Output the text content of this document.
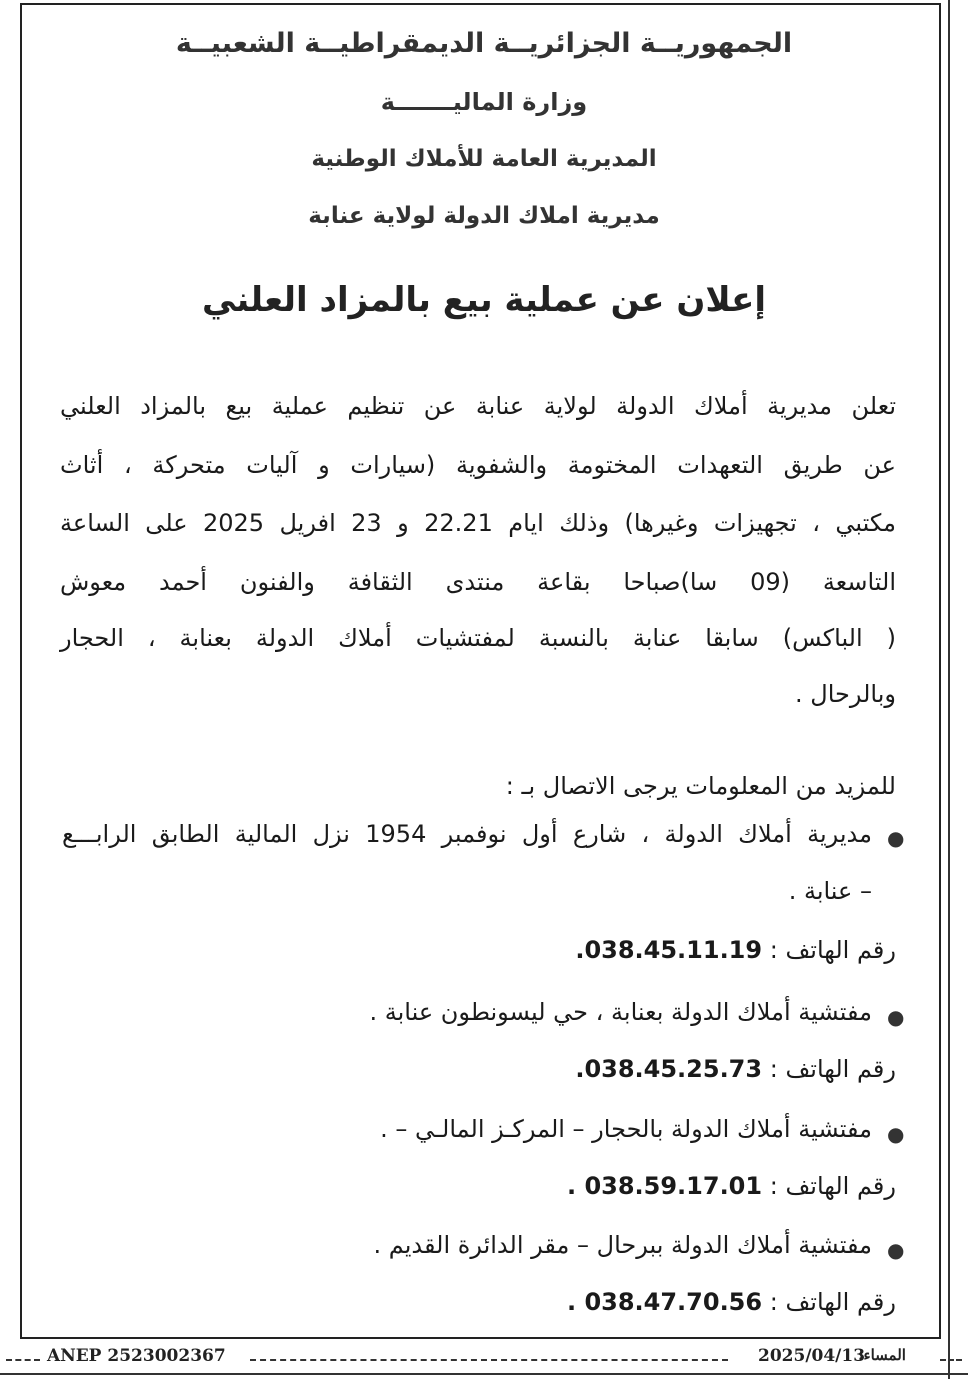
الجمهوريــة الجزائريــة الديمقراطيــة الشعبيــة
وزارة الماليـــــــة
المديرية العامة للأملاك الوطنية
مديرية املاك الدولة لولاية عنابة
إعلان عن عملية بيع بالمزاد العلني
تعلن مديرية أملاك الدولة لولاية عنابة عن تنظيم عملية بيع بالمزاد العلني
عن طريق التعهدات المختومة والشفوية (سيارات و آليات متحركة ، أثاث
مكتبي ، تجهيزات وغيرها) وذلك ايام 22.21 و 23 افريل 2025 على الساعة
التاسعة (09 سا)صباحا بقاعة منتدى الثقافة والفنون أحمد معوش
( الباكس) سابقا عنابة بالنسبة لمفتشيات أملاك الدولة بعنابة ، الحجار
وبالرحال .
للمزيد من المعلومات يرجى الاتصال بـ :
●
مديرية أملاك الدولة ، شارع أول نوفمبر 1954 نزل المالية الطابق الرابـــع
– عنابة .
رقم الهاتف : 038.45.11.19.
●
مفتشية أملاك الدولة بعنابة ، حي ليسونطون عنابة .
رقم الهاتف : 038.45.25.73.
●
مفتشية أملاك الدولة بالحجار – المركـز المالـي – .
رقم الهاتف : 038.59.17.01 .
●
مفتشية أملاك الدولة ببرحال – مقر الدائرة القديم .
رقم الهاتف : 038.47.70.56 .
ANEP 2523002367	2025/04/13
المساء:
